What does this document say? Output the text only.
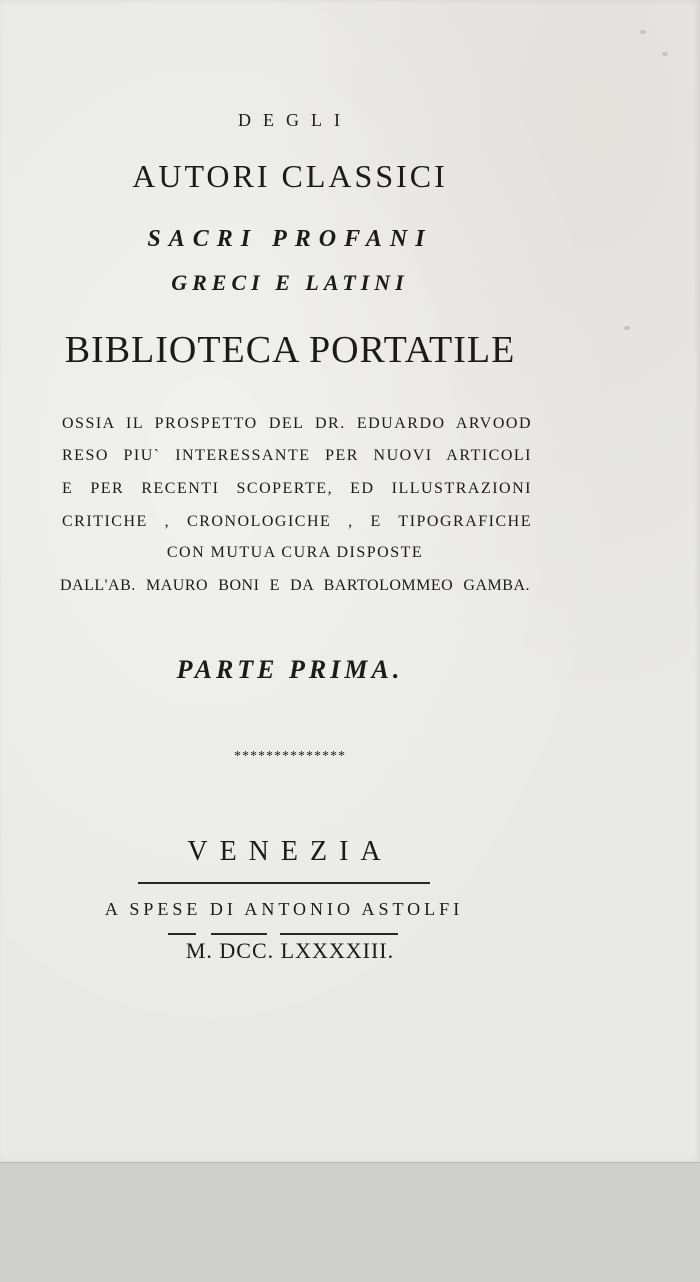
DEGLI
AUTORI CLASSICI
SACRI PROFANI
GRECI E LATINI
BIBLIOTECA PORTATILE
OSSIA IL PROSPETTO DEL DR. EDUARDO ARVOOD
RESO PIU` INTERESSANTE PER NUOVI ARTICOLI
E PER RECENTI SCOPERTE, ED ILLUSTRAZIONI
CRITICHE , CRONOLOGICHE , E TIPOGRAFICHE
CON MUTUA CURA DISPOSTE
DALL'AB. MAURO BONI E DA BARTOLOMMEO GAMBA.
PARTE PRIMA.
**************
VENEZIA
A SPESE DI ANTONIO ASTOLFI
M. DCC. LXXXXIII.
